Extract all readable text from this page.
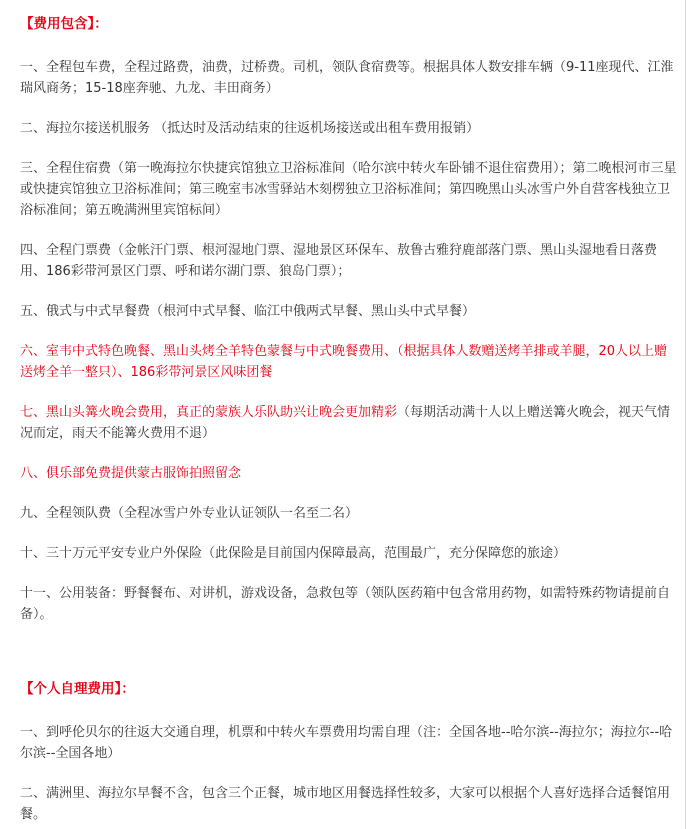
【费用包含】：

一、全程包车费，全程过路费，油费，过桥费。司机，领队食宿费等。根据具体人数安排车辆（9-11座现代、江淮瑞风商务；15-18座奔驰、九龙、丰田商务）

二、海拉尔接送机服务 （抵达时及活动结束的往返机场接送或出租车费用报销）

三、全程住宿费（第一晚海拉尔快捷宾馆独立卫浴标准间（哈尔滨中转火车卧铺不退住宿费用）；第二晚根河市三星或快捷宾馆独立卫浴标准间；第三晚室韦冰雪驿站木刻楞独立卫浴标准间；第四晚黑山头冰雪户外自营客栈独立卫浴标准间；第五晚满洲里宾馆标间）

四、全程门票费（金帐汗门票、根河湿地门票、湿地景区环保车、敖鲁古雅狩鹿部落门票、黑山头湿地看日落费用、186彩带河景区门票、呼和诺尔湖门票、狼岛门票）；

五、俄式与中式早餐费（根河中式早餐、临江中俄两式早餐、黑山头中式早餐）

六、室韦中式特色晚餐、黑山头烤全羊特色蒙餐与中式晚餐费用、（根据具体人数赠送烤羊排或羊腿，20人以上赠送烤全羊一整只）、186彩带河景区风味团餐

七、黑山头篝火晚会费用，真正的蒙族人乐队助兴让晚会更加精彩（每期活动满十人以上赠送篝火晚会，视天气情况而定，雨天不能篝火费用不退）

八、俱乐部免费提供蒙古服饰拍照留念

九、全程领队费（全程冰雪户外专业认证领队一名至二名）

十、三十万元平安专业户外保险（此保险是目前国内保障最高，范围最广，充分保障您的旅途）

十一、公用装备：野餐餐布、对讲机，游戏设备，急救包等（领队医药箱中包含常用药物，如需特殊药物请提前自备）。

【个人自理费用】：

一、到呼伦贝尔的往返大交通自理，机票和中转火车票费用均需自理（注：全国各地--哈尔滨--海拉尔；海拉尔--哈尔滨--全国各地）

二、满洲里、海拉尔早餐不含，包含三个正餐，城市地区用餐选择性较多，大家可以根据个人喜好选择合适餐馆用餐。
